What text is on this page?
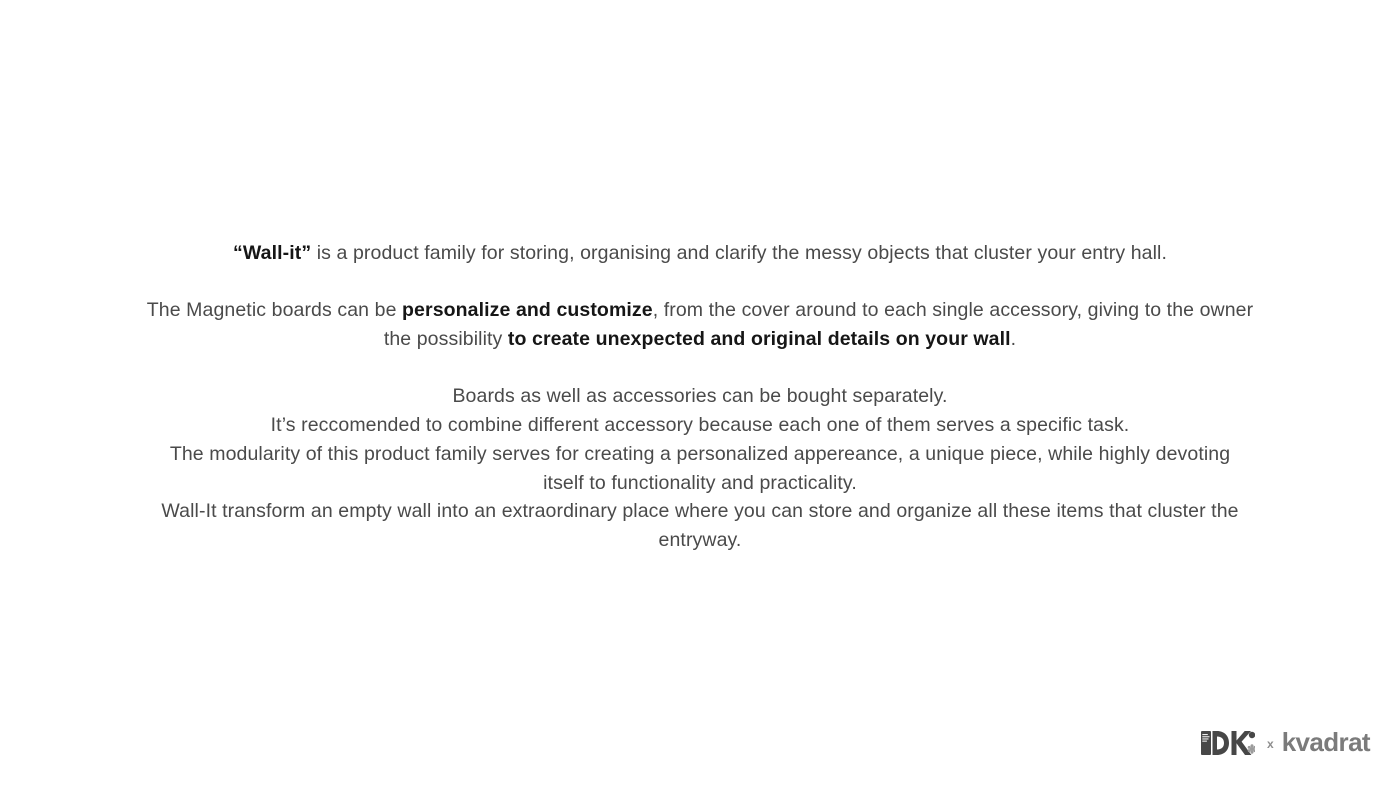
“Wall-it” is a product family for storing, organising and clarify the messy objects that cluster your entry hall.

The Magnetic boards can be personalize and customize, from the cover around to each single accessory, giving to the owner
the possibility to create unexpected and original details on your wall.

Boards as well as accessories can be bought separately.
It’s reccomended to combine different accessory because each one of them serves a specific task.
The modularity of this product family serves for creating a personalized appereance, a unique piece, while highly devoting
itself to functionality and practicality.
Wall-It transform an empty wall into an extraordinary place where you can store and organize all these items that cluster the
entryway.

x kvadrat
